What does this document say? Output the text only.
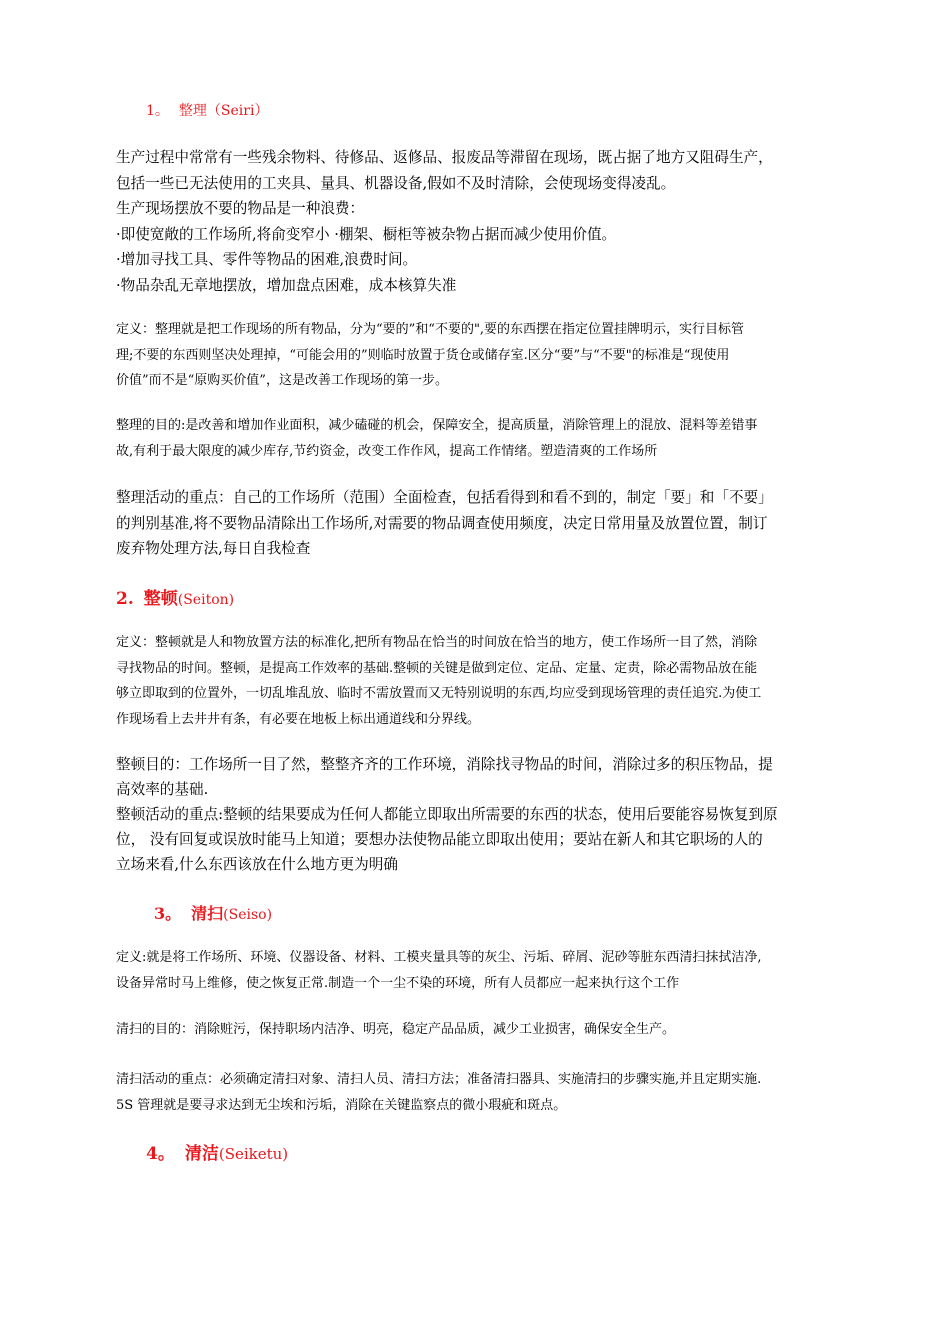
1。 整理（Seiri）
生产过程中常常有一些残余物料、待修品、返修品、报废品等滞留在现场，既占据了地方又阻碍生产，
包括一些已无法使用的工夹具、量具、机器设备,假如不及时清除，会使现场变得凌乱。
生产现场摆放不要的物品是一种浪费：
·即使宽敞的工作场所,将俞变窄小 ·棚架、橱柜等被杂物占据而减少使用价值。
·增加寻找工具、零件等物品的困难,浪费时间。
·物品杂乱无章地摆放，增加盘点困难，成本核算失准
定义：整理就是把工作现场的所有物品，分为“要的”和“不要的",要的东西摆在指定位置挂牌明示，实行目标管
理;不要的东西则坚决处理掉，“可能会用的”则临时放置于货仓或储存室.区分“要”与“不要"的标准是“现使用
价值”而不是“原购买价值”，这是改善工作现场的第一步。
整理的目的:是改善和增加作业面积，减少磕碰的机会，保障安全，提高质量，消除管理上的混放、混料等差错事
故,有利于最大限度的减少库存,节约资金，改变工作作风，提高工作情绪。塑造清爽的工作场所
整理活动的重点：自己的工作场所（范围）全面检查，包括看得到和看不到的，制定「要」和「不要」
的判别基准,将不要物品清除出工作场所,对需要的物品调查使用频度，决定日常用量及放置位置，制订
废弃物处理方法,每日自我检查
2. 整顿(Seiton)
定义：整顿就是人和物放置方法的标准化,把所有物品在恰当的时间放在恰当的地方，使工作场所一目了然，消除
寻找物品的时间。整顿，是提高工作效率的基础.整顿的关键是做到定位、定品、定量、定责，除必需物品放在能
够立即取到的位置外，一切乱堆乱放、临时不需放置而又无特别说明的东西,均应受到现场管理的责任追究.为使工
作现场看上去井井有条，有必要在地板上标出通道线和分界线。
整顿目的：工作场所一目了然，整整齐齐的工作环境，消除找寻物品的时间，消除过多的积压物品，提
高效率的基础.
整顿活动的重点:整顿的结果要成为任何人都能立即取出所需要的东西的状态，使用后要能容易恢复到原
位， 没有回复或误放时能马上知道；要想办法使物品能立即取出使用；要站在新人和其它职场的人的
立场来看,什么东西该放在什么地方更为明确
3。 清扫(Seiso)
定义:就是将工作场所、环境、仪器设备、材料、工模夹量具等的灰尘、污垢、碎屑、泥砂等脏东西清扫抹拭洁净,
设备异常时马上维修，使之恢复正常.制造一个一尘不染的环境，所有人员都应一起来执行这个工作
清扫的目的：消除赃污，保持职场内洁净、明亮，稳定产品品质，减少工业损害，确保安全生产。
清扫活动的重点：必须确定清扫对象、清扫人员、清扫方法；准备清扫器具、实施清扫的步骤实施,并且定期实施.
5S 管理就是要寻求达到无尘埃和污垢，消除在关键监察点的微小瑕疵和斑点。
4。 清洁(Seiketu)
